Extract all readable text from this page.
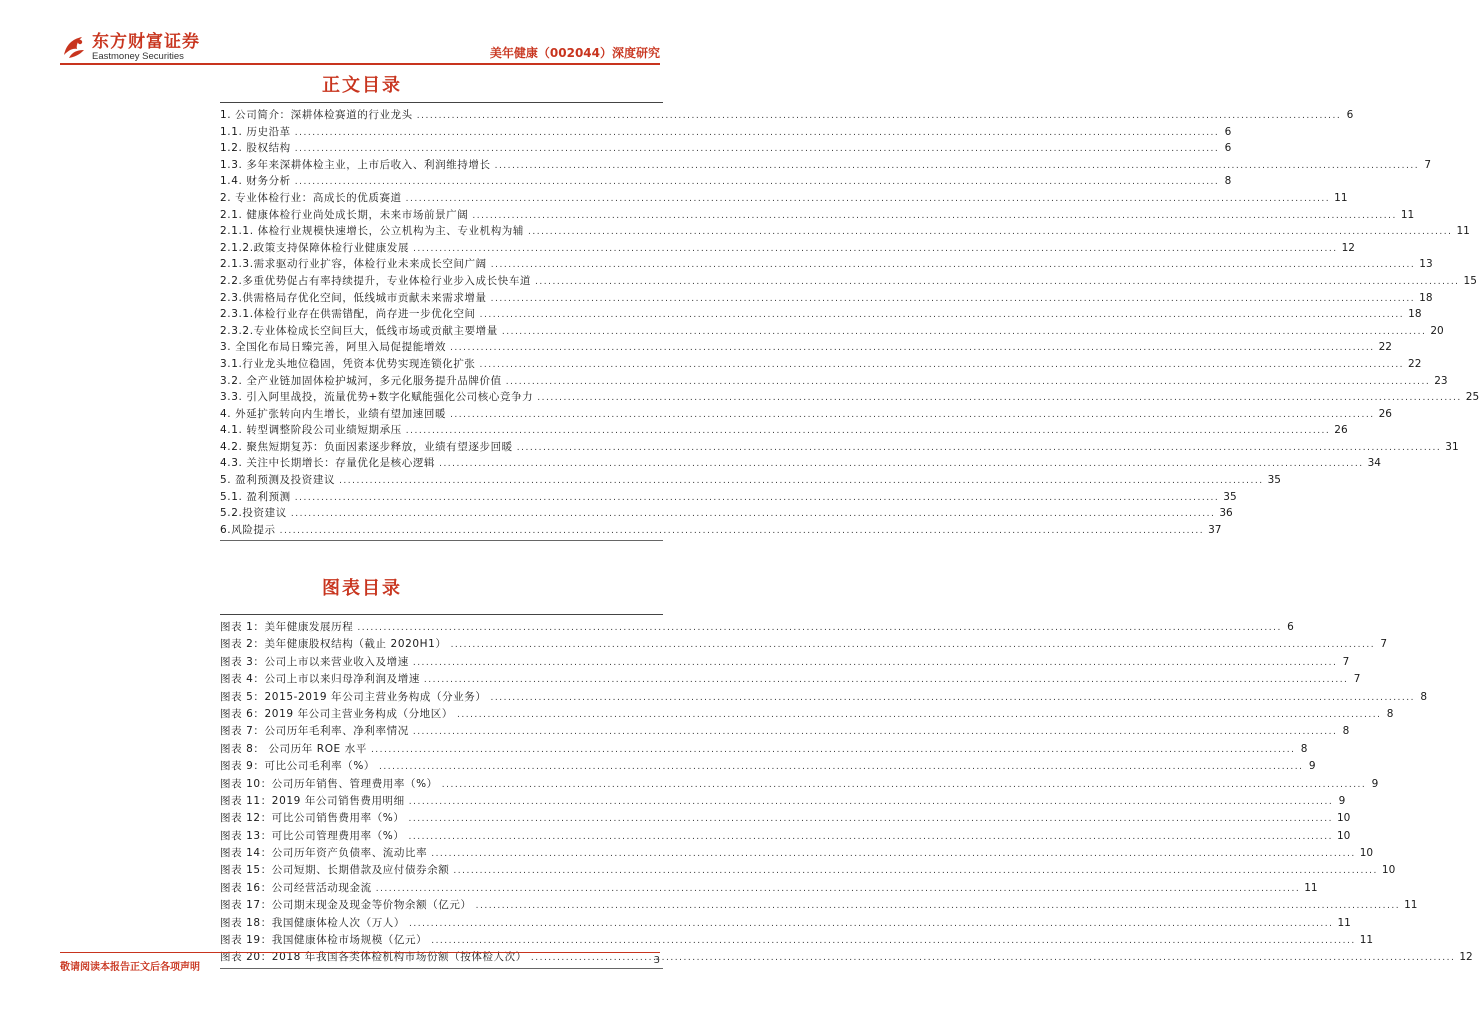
东方财富证券
Eastmoney Securities	美年健康（002044）深度研究
正文目录
1. 公司简介：深耕体检赛道的行业龙头 .....	6
1.1. 历史沿革 .....	6
1.2. 股权结构 .....	6
1.3. 多年来深耕体检主业，上市后收入、利润维持增长 .....	7
1.4. 财务分析 .....	8
2. 专业体检行业：高成长的优质赛道 .....	11
2.1. 健康体检行业尚处成长期，未来市场前景广阔 .....	11
2.1.1. 体检行业规模快速增长，公立机构为主、专业机构为辅 .....	11
2.1.2.政策支持保障体检行业健康发展 .....	12
2.1.3.需求驱动行业扩容，体检行业未来成长空间广阔 .....	13
2.2.多重优势促占有率持续提升，专业体检行业步入成长快车道 .....	15
2.3.供需格局存优化空间，低线城市贡献未来需求增量 .....	18
2.3.1.体检行业存在供需错配，尚存进一步优化空间 .....	18
2.3.2.专业体检成长空间巨大，低线市场或贡献主要增量 .....	20
3. 全国化布局日臻完善，阿里入局促提能增效 .....	22
3.1.行业龙头地位稳固，凭资本优势实现连锁化扩张 .....	22
3.2. 全产业链加固体检护城河，多元化服务提升品牌价值 .....	23
3.3. 引入阿里战投，流量优势+数字化赋能强化公司核心竞争力 .....	25
4. 外延扩张转向内生增长，业绩有望加速回暖 .....	26
4.1. 转型调整阶段公司业绩短期承压 .....	26
4.2. 聚焦短期复苏：负面因素逐步释放，业绩有望逐步回暖 .....	31
4.3. 关注中长期增长：存量优化是核心逻辑 .....	34
5. 盈利预测及投资建议 .....	35
5.1. 盈利预测 .....	35
5.2.投资建议 .....	36
6.风险提示 .....	37
图表目录
图表 1：美年健康发展历程 .....	6
图表 2：美年健康股权结构（截止 2020H1） .....	7
图表 3：公司上市以来营业收入及增速 .....	7
图表 4：公司上市以来归母净利润及增速 .....	7
图表 5：2015-2019 年公司主营业务构成（分业务） .....	8
图表 6：2019 年公司主营业务构成（分地区） .....	8
图表 7：公司历年毛利率、净利率情况 .....	8
图表 8： 公司历年 ROE 水平 .....	8
图表 9：可比公司毛利率（%） .....	9
图表 10：公司历年销售、管理费用率（%） .....	9
图表 11：2019 年公司销售费用明细 .....	9
图表 12：可比公司销售费用率（%） .....	10
图表 13：可比公司管理费用率（%） .....	10
图表 14：公司历年资产负债率、流动比率 .....	10
图表 15：公司短期、长期借款及应付债券余额 .....	10
图表 16：公司经营活动现金流 .....	11
图表 17：公司期末现金及现金等价物余额（亿元） .....	11
图表 18：我国健康体检人次（万人） .....	11
图表 19：我国健康体检市场规模（亿元） .....	11
图表 20：2018 年我国各类体检机构市场份额（按体检人次） .....	12
敬请阅读本报告正文后各项声明
3
